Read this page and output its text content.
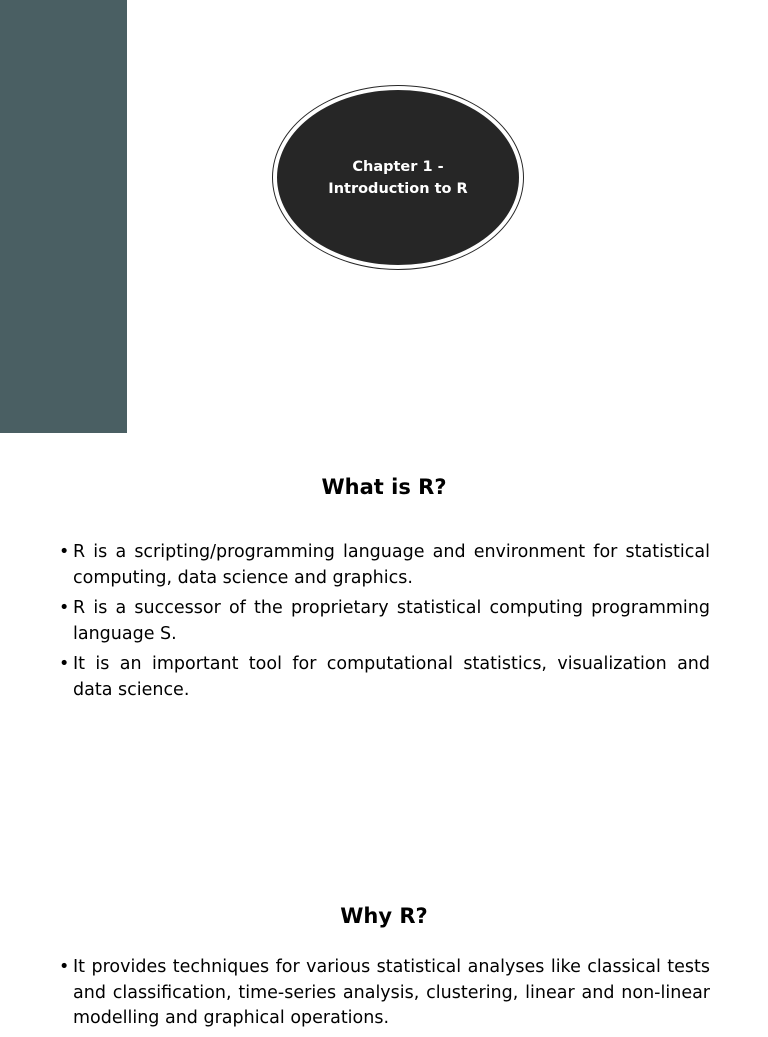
Chapter 1 -
Introduction to R
What is R?
• R is a scripting/programming language and environment for statistical computing, data science and graphics.
• R is a successor of the proprietary statistical computing programming language S.
• It is an important tool for computational statistics, visualization and data science.
Why R?
• It provides techniques for various statistical analyses like classical tests and classification, time-series analysis, clustering, linear and non-linear modelling and graphical operations.
